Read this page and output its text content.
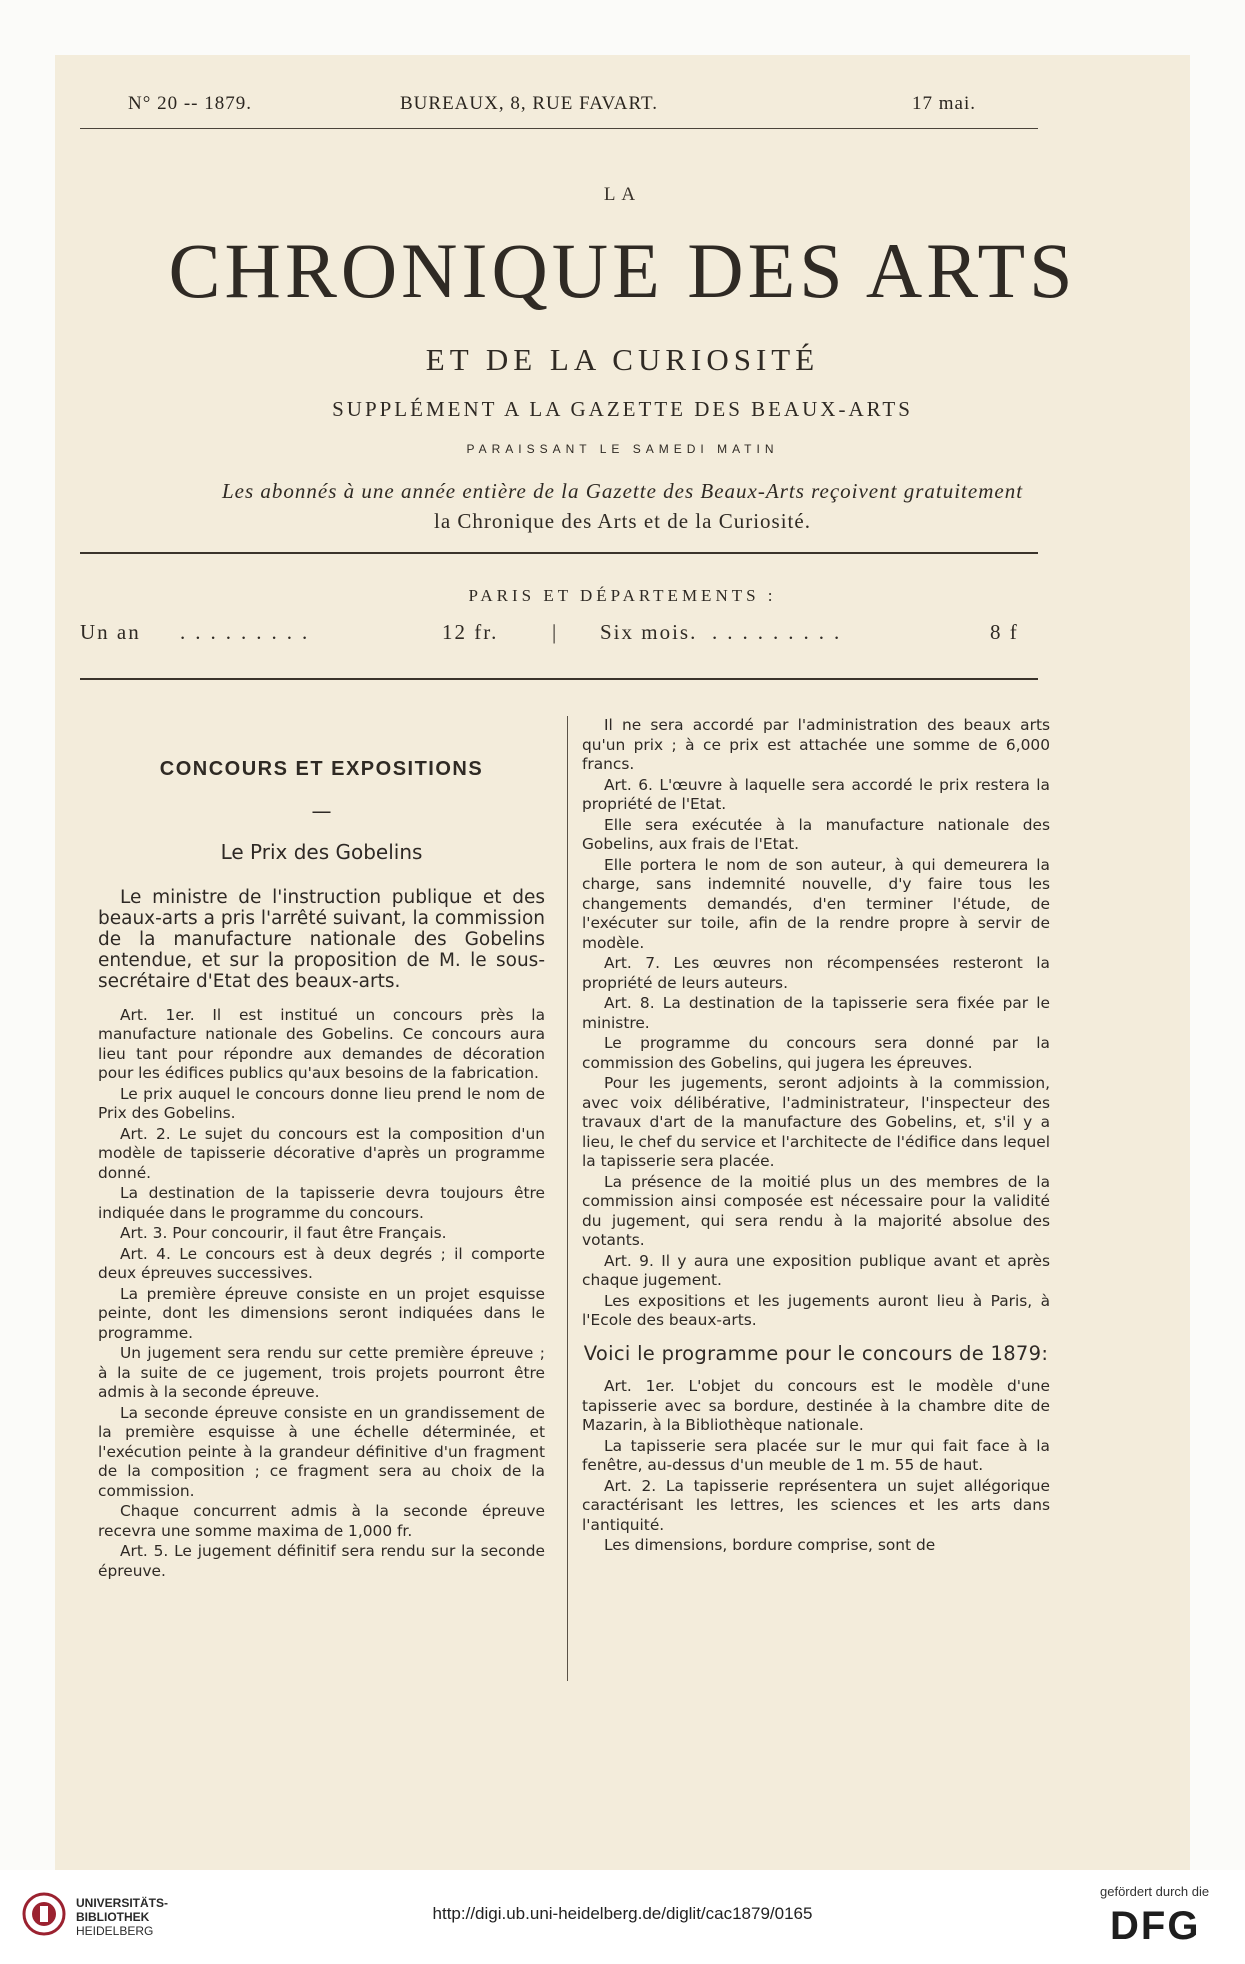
N° 20 -- 1879.	BUREAUX, 8, RUE FAVART.	17 mai.
LA
CHRONIQUE DES ARTS
ET DE LA CURIOSITÉ
SUPPLÉMENT A LA GAZETTE DES BEAUX-ARTS
PARAISSANT LE SAMEDI MATIN
Les abonnés à une année entière de la Gazette des Beaux-Arts reçoivent gratuitement
la Chronique des Arts et de la Curiosité.
PARIS ET DÉPARTEMENTS :
Un an .........	12 fr.	| Six mois. .........	8 f
CONCOURS ET EXPOSITIONS
—
Le Prix des Gobelins

Le ministre de l'instruction publique et des beaux-arts a pris l'arrêté suivant, la commission de la manufacture nationale des Gobelins entendue, et sur la proposition de M. le sous-secrétaire d'Etat des beaux-arts.

Art. 1er. Il est institué un concours près la manufacture nationale des Gobelins. Ce concours aura lieu tant pour répondre aux demandes de décoration pour les édifices publics qu'aux besoins de la fabrication.

Le prix auquel le concours donne lieu prend le nom de Prix des Gobelins.

Art. 2. Le sujet du concours est la composition d'un modèle de tapisserie décorative d'après un programme donné.

La destination de la tapisserie devra toujours être indiquée dans le programme du concours.

Art. 3. Pour concourir, il faut être Français.

Art. 4. Le concours est à deux degrés ; il comporte deux épreuves successives.

La première épreuve consiste en un projet esquisse peinte, dont les dimensions seront indiquées dans le programme.

Un jugement sera rendu sur cette première épreuve ; à la suite de ce jugement, trois projets pourront être admis à la seconde épreuve.

La seconde épreuve consiste en un grandissement de la première esquisse à une échelle déterminée, et l'exécution peinte à la grandeur définitive d'un fragment de la composition ; ce fragment sera au choix de la commission.

Chaque concurrent admis à la seconde épreuve recevra une somme maxima de 1,000 fr.

Art. 5. Le jugement définitif sera rendu sur la seconde épreuve.

Il ne sera accordé par l'administration des beaux arts qu'un prix ; à ce prix est attachée une somme de 6,000 francs.

Art. 6. L'œuvre à laquelle sera accordé le prix restera la propriété de l'Etat.

Elle sera exécutée à la manufacture nationale des Gobelins, aux frais de l'Etat.

Elle portera le nom de son auteur, à qui demeurera la charge, sans indemnité nouvelle, d'y faire tous les changements demandés, d'en terminer l'étude, de l'exécuter sur toile, afin de la rendre propre à servir de modèle.

Art. 7. Les œuvres non récompensées resteront la propriété de leurs auteurs.

Art. 8. La destination de la tapisserie sera fixée par le ministre.

Le programme du concours sera donné par la commission des Gobelins, qui jugera les épreuves.

Pour les jugements, seront adjoints à la commission, avec voix délibérative, l'administrateur, l'inspecteur des travaux d'art de la manufacture des Gobelins, et, s'il y a lieu, le chef du service et l'architecte de l'édifice dans lequel la tapisserie sera placée.

La présence de la moitié plus un des membres de la commission ainsi composée est nécessaire pour la validité du jugement, qui sera rendu à la majorité absolue des votants.

Art. 9. Il y aura une exposition publique avant et après chaque jugement.

Les expositions et les jugements auront lieu à Paris, à l'Ecole des beaux-arts.

Voici le programme pour le concours de 1879:

Art. 1er. L'objet du concours est le modèle d'une tapisserie avec sa bordure, destinée à la chambre dite de Mazarin, à la Bibliothèque nationale.

La tapisserie sera placée sur le mur qui fait face à la fenêtre, au-dessus d'un meuble de 1 m. 55 de haut.

Art. 2. La tapisserie représentera un sujet allégorique caractérisant les lettres, les sciences et les arts dans l'antiquité.

Les dimensions, bordure comprise, sont de

UNIVERSITÄTS-
BIBLIOTHEK
HEIDELBERG
http://digi.ub.uni-heidelberg.de/diglit/cac1879/0165
gefördert durch die
DFG
